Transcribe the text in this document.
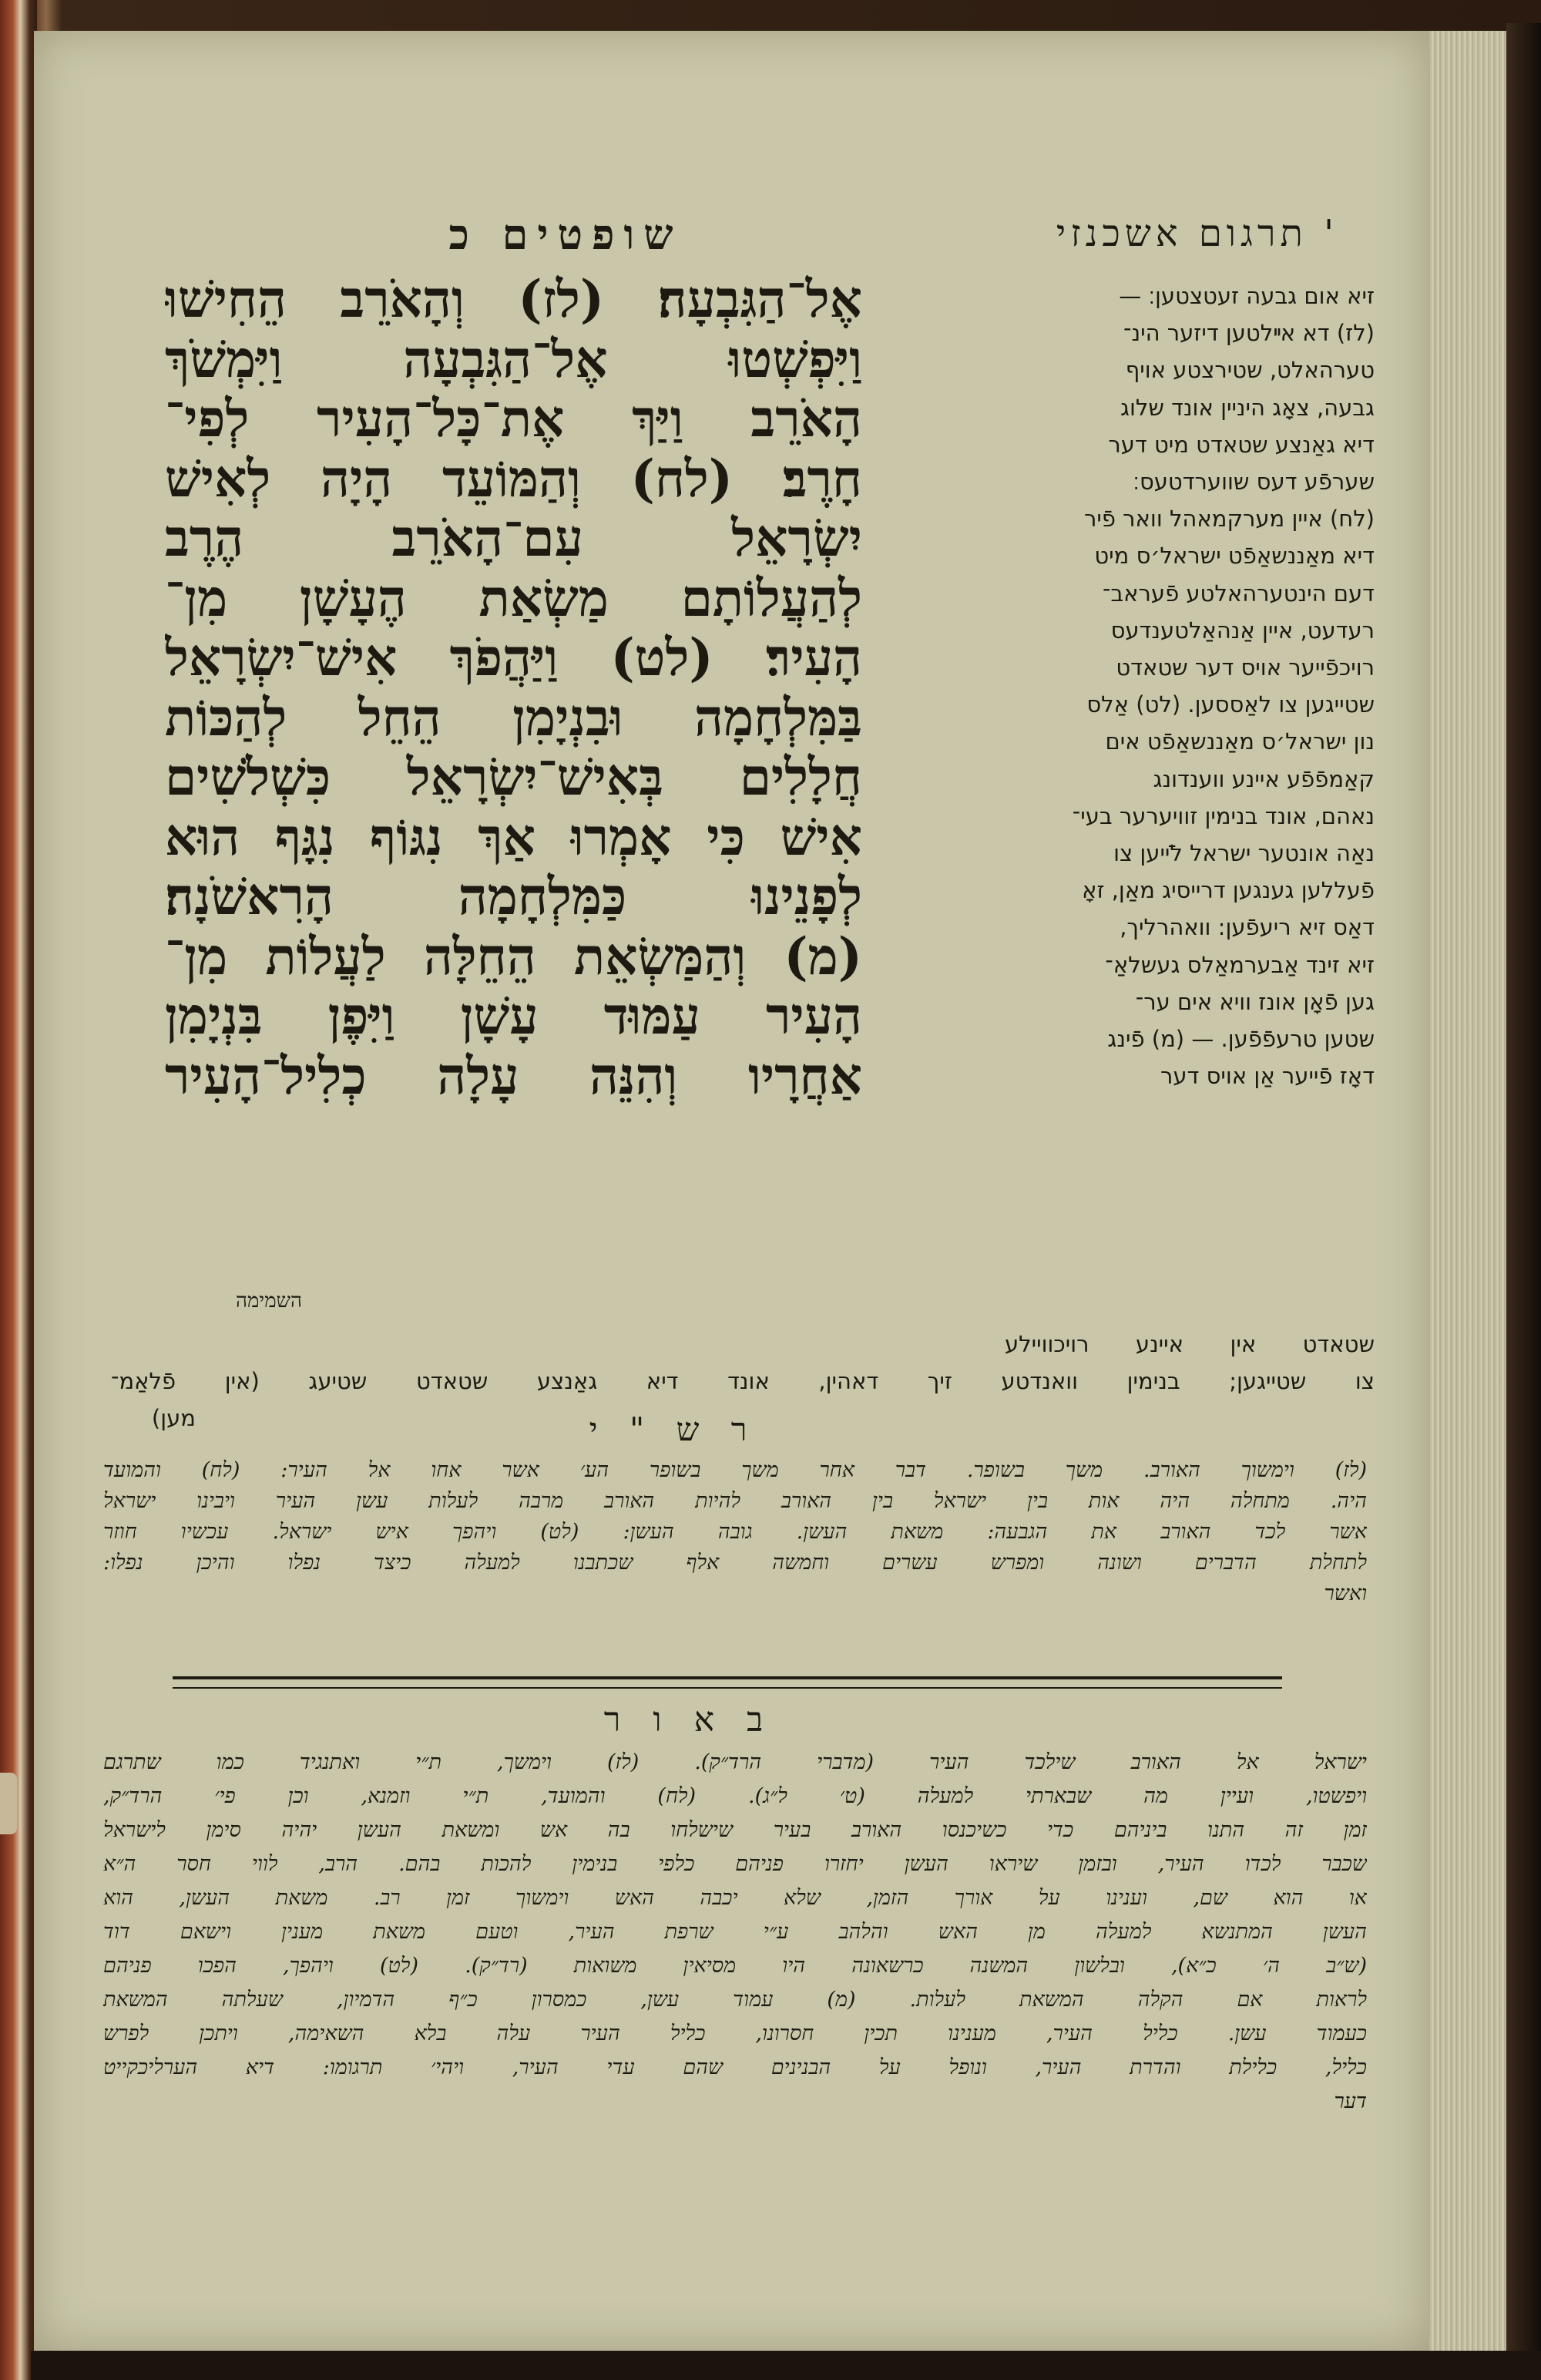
' תרגום אשכנזי
שופטים כ
זיא אום גבעה זעטצטען׃ —
(לז) דא אײלטען דיזער הינ־
טערהאלט, שטירצטע אויף
גבעה, צאָג היניין אונד שלוג
דיא גאַנצע שטאדט מיט דער
שערפֿע דעס שווערדטעס׃
(לח) איין מערקמאהל וואר פֿיר
דיא מאַננשאַפֿט ישראל׳ס מיט
דעם הינטערהאלטע פֿעראב־
רעדעט, איין אַנהאַלטענדעס
רויכפֿייער אויס דער שטאדט
שטייגען צו לאַססען. (לט) אַלס
נון ישראל׳ס מאַננשאַפֿט אים
קאַמפֿפֿע איינע ווענדונג
נאהם, אונד בנימין זוויערער בעי־
נאַה אונטער ישראל ליֿיען צו
פֿעללען גענגען דרייסיג מאַן, זאָ
דאַס זיא ריעפֿען: וואהרליך,
זיא זינד אַבערמאַלס געשלאַ־
גען פֿאָן אונז וויא אים ער־
שטען טרעפֿפֿען. — (מ) פֿינג
דאָז פֿייער אַן אויס דער
אֶל־הַגִּבְעָה׃ (לז) וְהָאֹרֵב הֵחִישׁוּ
וַיִּפְשְׁטוּ אֶל־הַגִּבְעָה וַיִּמְשֹׁךְ
הָאֹרֵב וַיַּךְ אֶת־כָּל־הָעִיר לְפִי־
חָרֶב׃ (לח) וְהַמּוֹעֵד הָיָה לְאִישׁ
יִשְׂרָאֵל עִם־הָאֹרֵב הֶרֶב
לְהַעֲלוֹתָם מַשְׂאַת הֶעָשָׁן מִן־
הָעִיר׃ (לט) וַיַּהֲפֹךְ אִישׁ־יִשְׂרָאֵל
בַּמִּלְחָמָה וּבִנְיָמִן הֵחֵל לְהַכּוֹת
חֲלָלִים בְּאִישׁ־יִשְׂרָאֵל כִּשְׁלֹשִׁים
אִישׁ כִּי אָמְרוּ אַךְ נִגּוֹף נִגָּף הוּא
לְפָנֵינוּ כַּמִּלְחָמָה הָרִאשֹׁנָה׃
(מ) וְהַמַּשְׂאֵת הֵחֵלָּה לַעֲלוֹת מִן־
הָעִיר עַמּוּד עָשָׁן וַיִּפֶן בִּנְיָמִן
אַחֲרָיו וְהִנֵּה עָלָה כְלִיל־הָעִיר
השמימה
שטאדט אין איינע רויכוויילע
צו שטייגען; בנימין וואנדטע זיך דאהין, אונד דיא גאַנצע שטאדט שטיעג (אין פֿלאַמ־
מען)	ר ש " י
(לז) וימשוך האורב. משך בשופר. דבר אחר משך בשופר הע׳ אשר אחו אל העיר: (לח) והמועד
היה. מתחלה היה אות בין ישראל בין האורב להיות האורב מרבה לעלות עשן העיר ויבינו ישראל
אשר לכד האורב את הגבעה: משאת העשן. גובה העשן: (לט) ויהפך איש ישראל. עכשיו חוזר
לתחלת הדברים ושונה ומפרש עשרים וחמשה אלף שכתבנו למעלה כיצד נפלו והיכן נפלו:
ואשר
ב א ו ר
ישראל אל האורב שילכד העיר (מדברי הרד״ק). (לז) וימשך, ת״י ואתנגיד כמו שתרגם
ויפשטו, ועיין מה שבארתי למעלה (ט׳ ל״ג). (לח) והמועד, ת״י וזמנא, וכן פי׳ הרד״ק,
זמן זה התנו ביניהם כדי כשיכנסו האורב בעיר שישלחו בה אש ומשאת העשן יהיה סימן לישראל
שכבר לכדו העיר, ובזמן שיראו העשן יחזרו פניהם כלפי בנימין להכות בהם. הרב, לווי חסר ה״א
או הוא שם, וענינו על אורך הזמן, שלא יכבה האש וימשוך זמן רב. משאת העשן, הוא
העשן המתנשא למעלה מן האש והלהב ע״י שרפת העיר, וטעם משאת מענין וישאם דוד
(ש״ב ה׳ כ״א), ובלשון המשנה כרשאונה היו מסיאין משואות (רד״ק). (לט) ויהפך, הפכו פניהם
לראות אם הקלה המשאת לעלות. (מ) עמוד עשן, כמסרון כ״ף הדמיון, שעלתה המשאת
כעמוד עשן. כליל העיר, מענינו תכין חסרונו, כליל העיר עלה בלא השאימה, ויתכן לפרש
כליל, כלילת והדרת העיר, ונופל על הבנינים שהם עדי העיר, ויהי׳ תרגומו: דיא הערליכקייט
דער
